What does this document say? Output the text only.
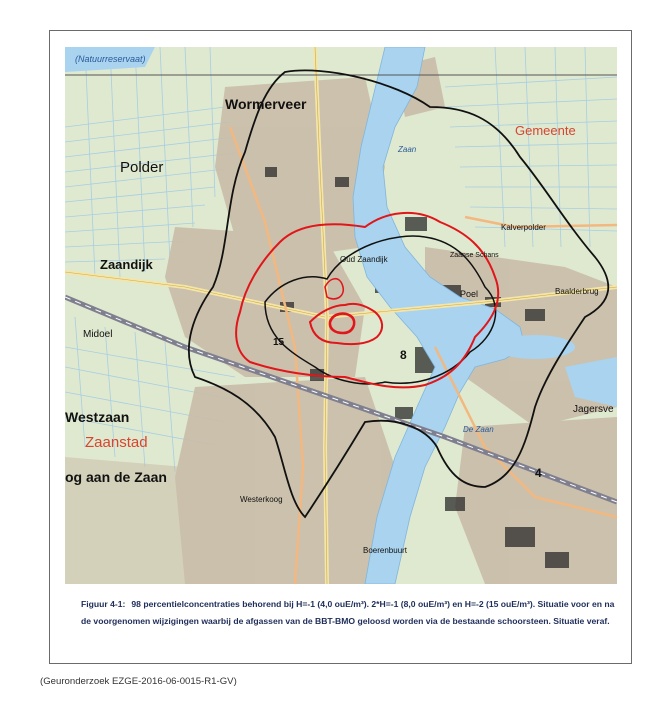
(Natuurreservaat)
Wormerveer
Gemeente
Polder
Zaandijk
Midoel
Westzaan
Zaanstad
og aan de Zaan
Zaan
De Zaan
Oud Zaandijk
Poel	Baalderbrug
Kalverpolder
Zaanse Schans
Jagersve
Westerkoog
Boerenbuurt
4
8
15
Figuur 4-1: 98 percentielconcentraties behorend bij H=-1 (4,0 ouE/m³). 2*H=-1 (8,0 ouE/m³) en H=-2 (15 ouE/m³). Situatie voor en na de voorgenomen wijzigingen waarbij de afgassen van de BBT-BMO geloosd worden via de bestaande schoorsteen. Situatie veraf.
(Geuronderzoek EZGE-2016-06-0015-R1-GV)
